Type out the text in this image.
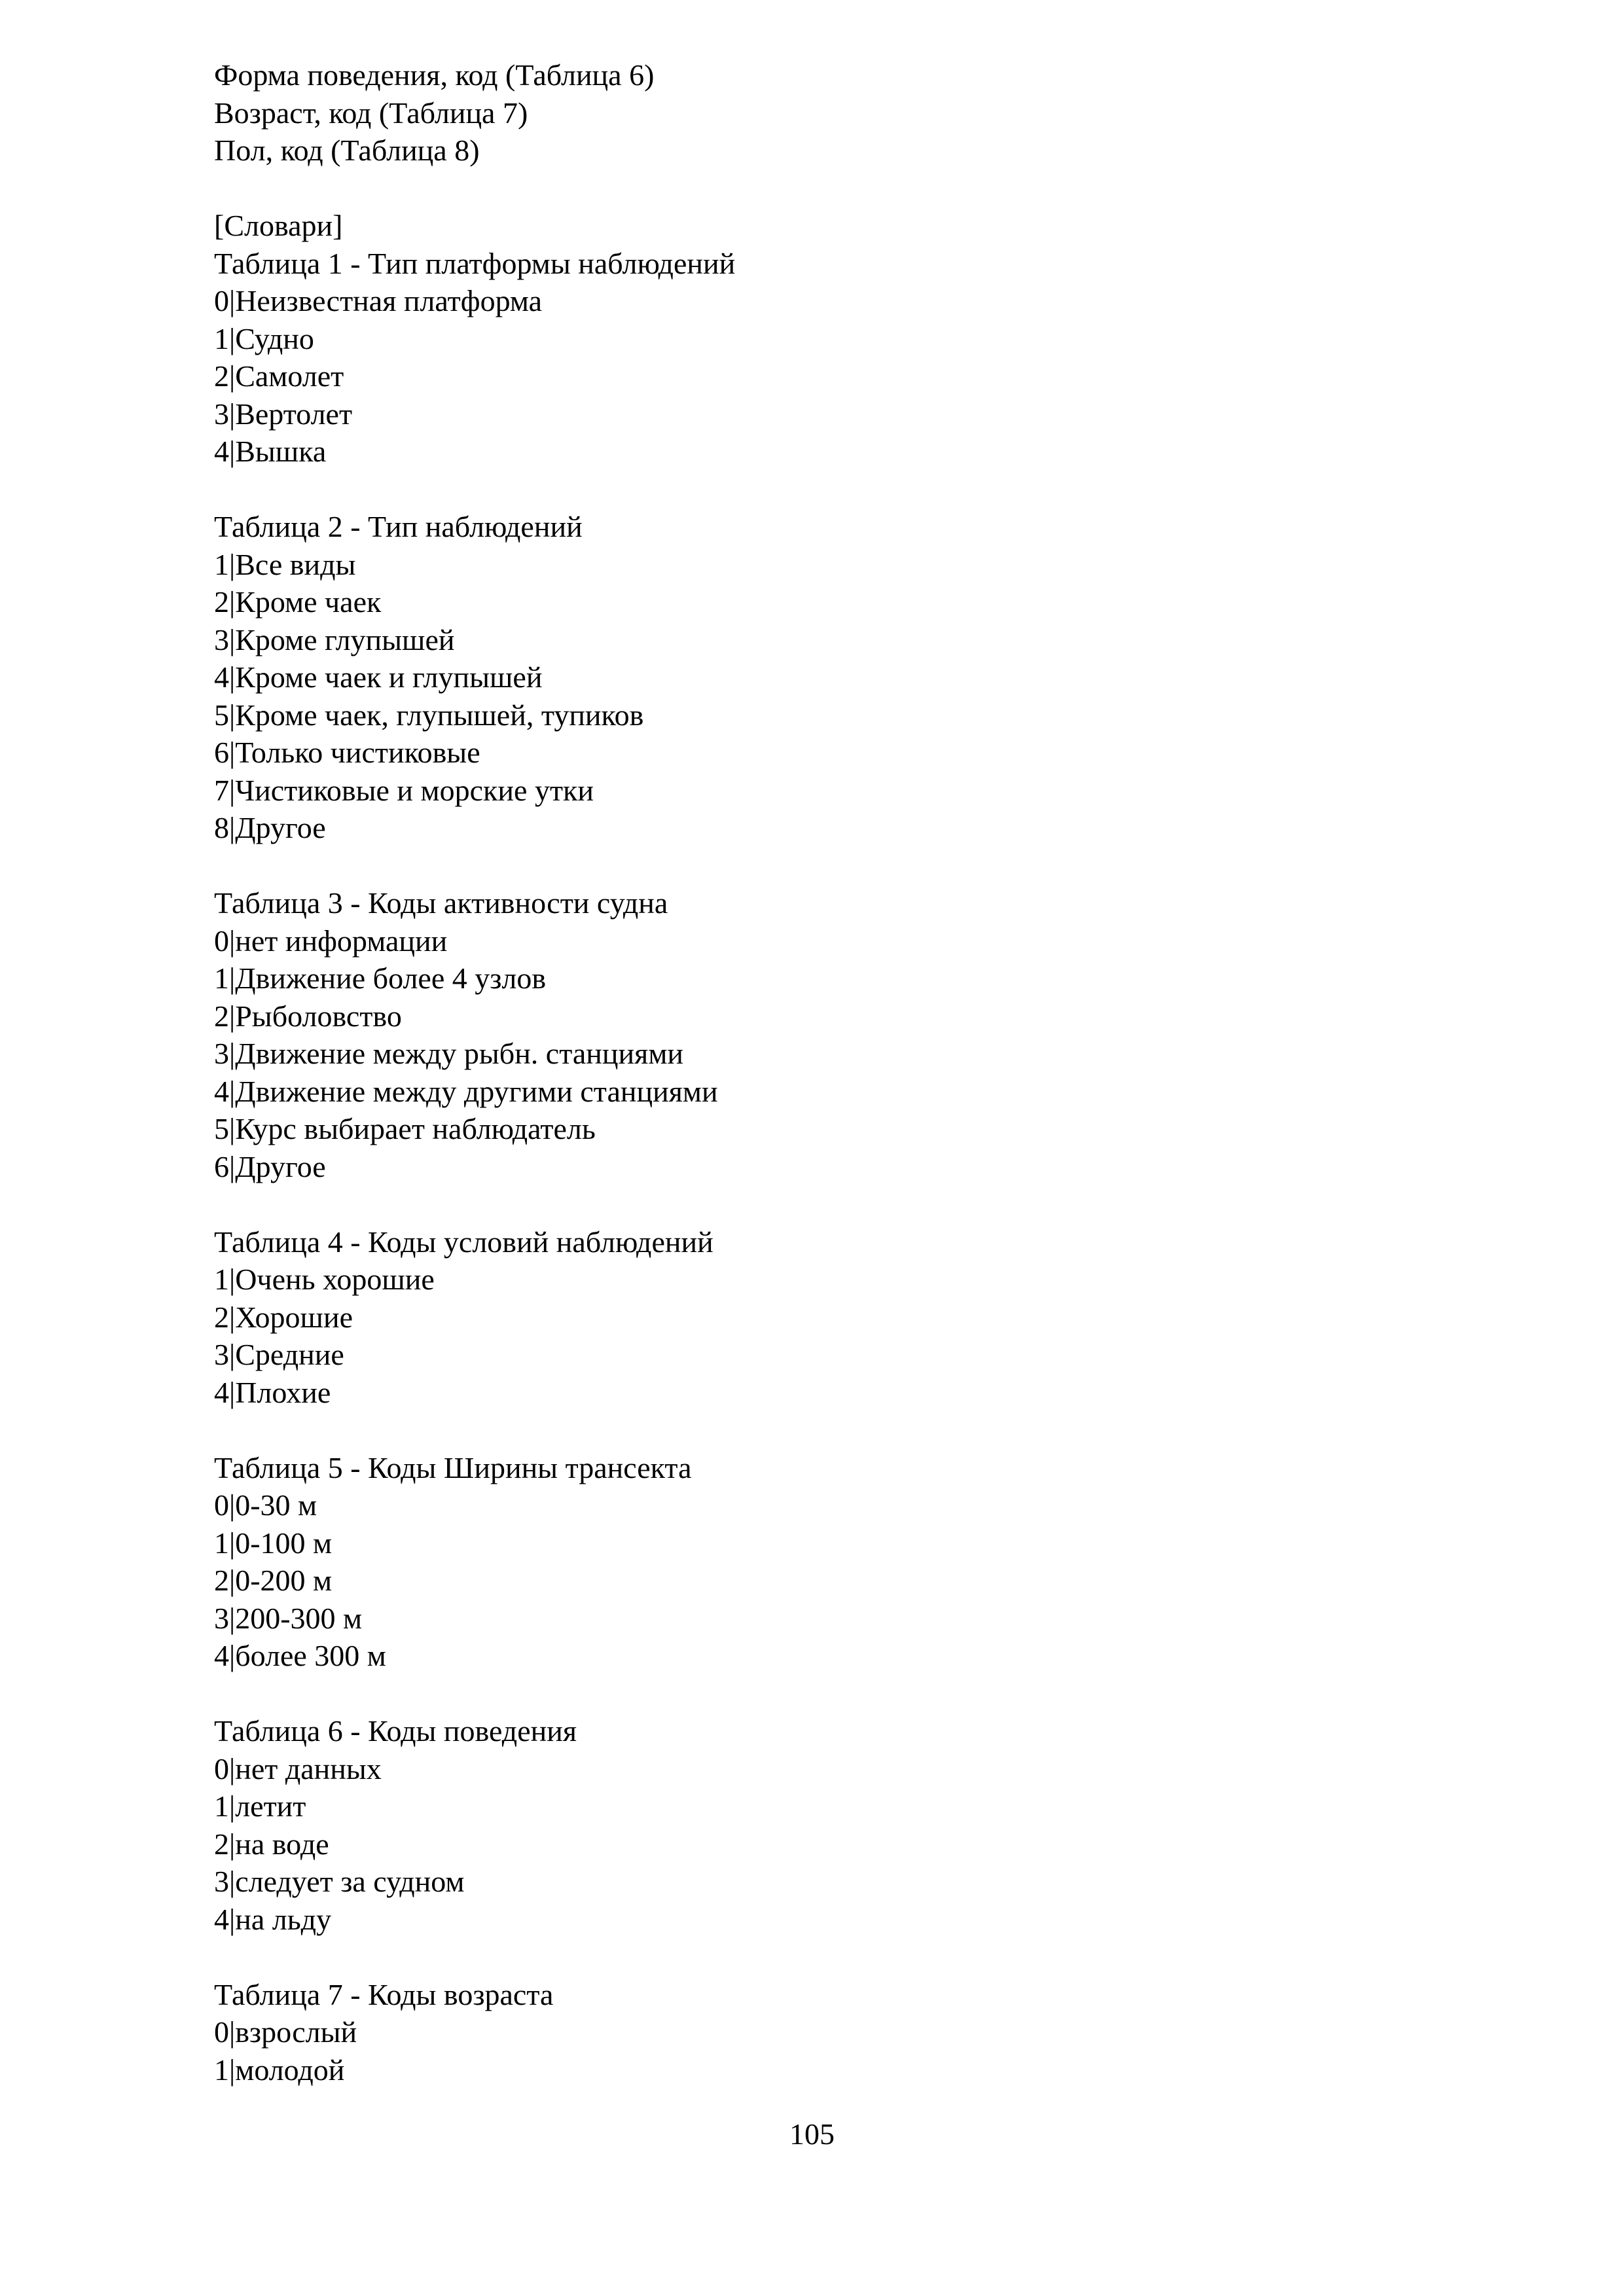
Форма поведения, код (Таблица 6)
Возраст, код (Таблица 7)
Пол, код (Таблица 8)
[Словари]
Таблица 1 - Тип платформы наблюдений
0|Неизвестная платформа
1|Судно
2|Самолет
3|Вертолет
4|Вышка
Таблица 2 - Тип наблюдений
1|Все виды
2|Кроме чаек
3|Кроме глупышей
4|Кроме чаек и глупышей
5|Кроме чаек, глупышей, тупиков
6|Только чистиковые
7|Чистиковые и морские утки
8|Другое
Таблица 3 - Коды активности судна
0|нет информации
1|Движение более 4 узлов
2|Рыболовство
3|Движение между рыбн. станциями
4|Движение между другими станциями
5|Курс выбирает наблюдатель
6|Другое
Таблица 4 - Коды условий наблюдений
1|Очень хорошие
2|Хорошие
3|Средние
4|Плохие
Таблица 5 - Коды Ширины трансекта
0|0-30 м
1|0-100 м
2|0-200 м
3|200-300 м
4|более 300 м
Таблица 6 - Коды поведения
0|нет данных
1|летит
2|на воде
3|следует за судном
4|на льду
Таблица 7 - Коды возраста
0|взрослый
1|молодой
105
